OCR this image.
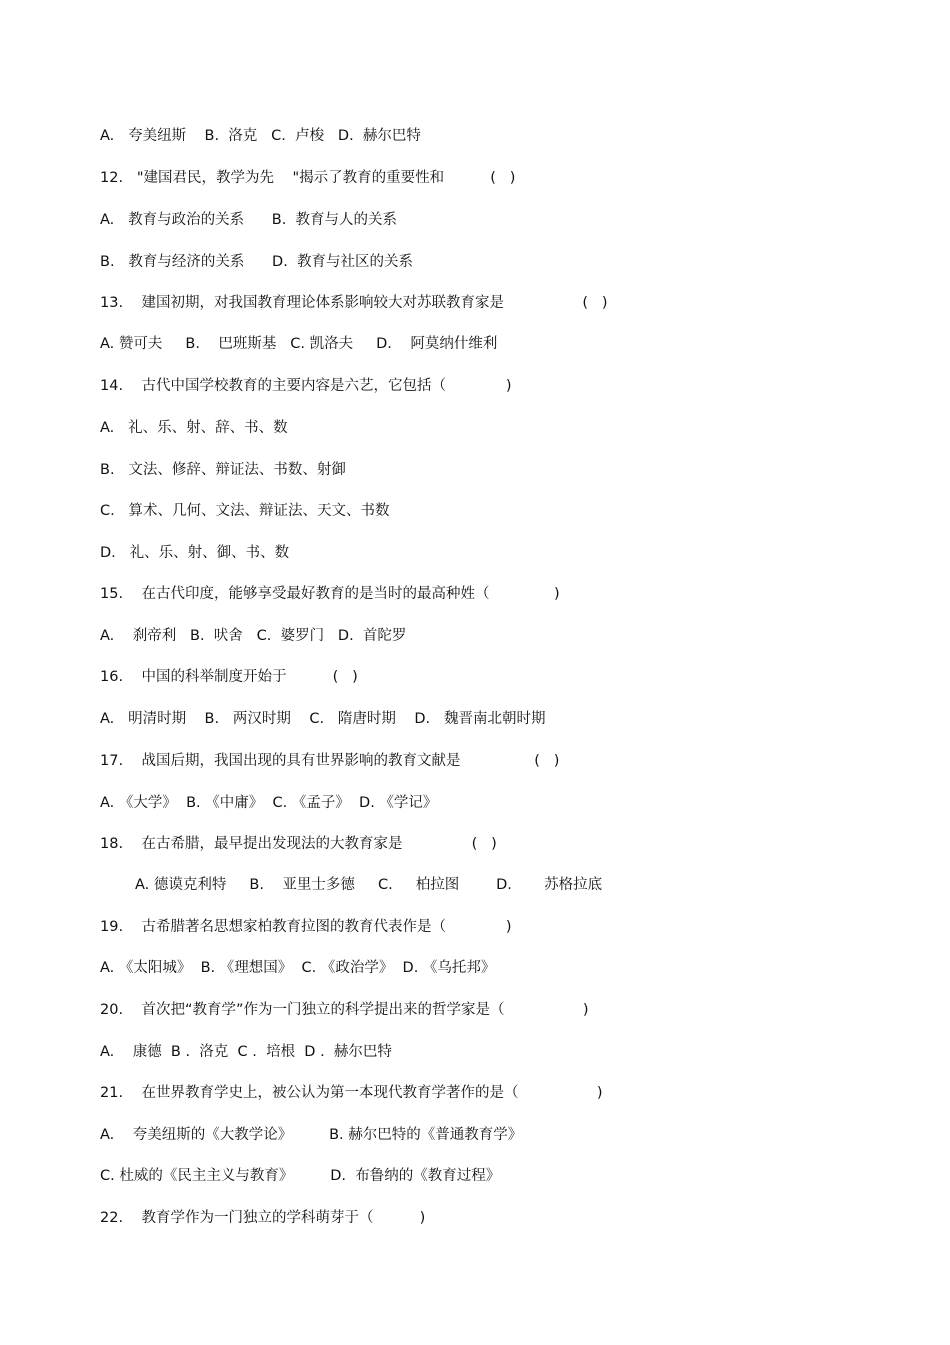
A.   夸美纽斯    B.  洛克   C.  卢梭   D.  赫尔巴特
12.   "建国君民，教学为先    "揭示了教育的重要性和          (   )
A.   教育与政治的关系      B.  教育与人的关系
B.   教育与经济的关系      D.  教育与社区的关系
13.    建国初期，对我国教育理论体系影响较大对苏联教育家是                 (   )
A. 赞可夫     B.    巴班斯基   C. 凯洛夫     D.    阿莫纳什维利
14.    古代中国学校教育的主要内容是六艺，它包括（             )
A.   礼、乐、射、辞、书、数
B.   文法、修辞、辩证法、书数、射御
C.   算术、几何、文法、辩证法、天文、书数
D.   礼、乐、射、御、书、数
15.    在古代印度，能够享受最好教育的是当时的最高种姓（              )
A.    刹帝利   B.  吠舍   C.  婆罗门   D.  首陀罗
16.    中国的科举制度开始于          (   )
A.   明清时期    B.   两汉时期    C.   隋唐时期    D.   魏晋南北朝时期
17.    战国后期，我国出现的具有世界影响的教育文献是                (   )
A. 《大学》  B. 《中庸》  C. 《孟子》  D. 《学记》
18.    在古希腊，最早提出发现法的大教育家是               (   )
A. 德谟克利特     B.    亚里士多德     C.     柏拉图        D.       苏格拉底
19.    古希腊著名思想家柏教育拉图的教育代表作是（             )
A. 《太阳城》  B. 《理想国》  C. 《政治学》  D. 《乌托邦》
20.    首次把“教育学”作为一门独立的科学提出来的哲学家是（                 )
A.    康德  B .  洛克  C .  培根  D .  赫尔巴特
21.    在世界教育学史上，被公认为第一本现代教育学著作的是（                 )
A.    夸美纽斯的《大教学论》        B. 赫尔巴特的《普通教育学》
C. 杜威的《民主主义与教育》        D.  布鲁纳的《教育过程》
22.    教育学作为一门独立的学科萌芽于（          )
